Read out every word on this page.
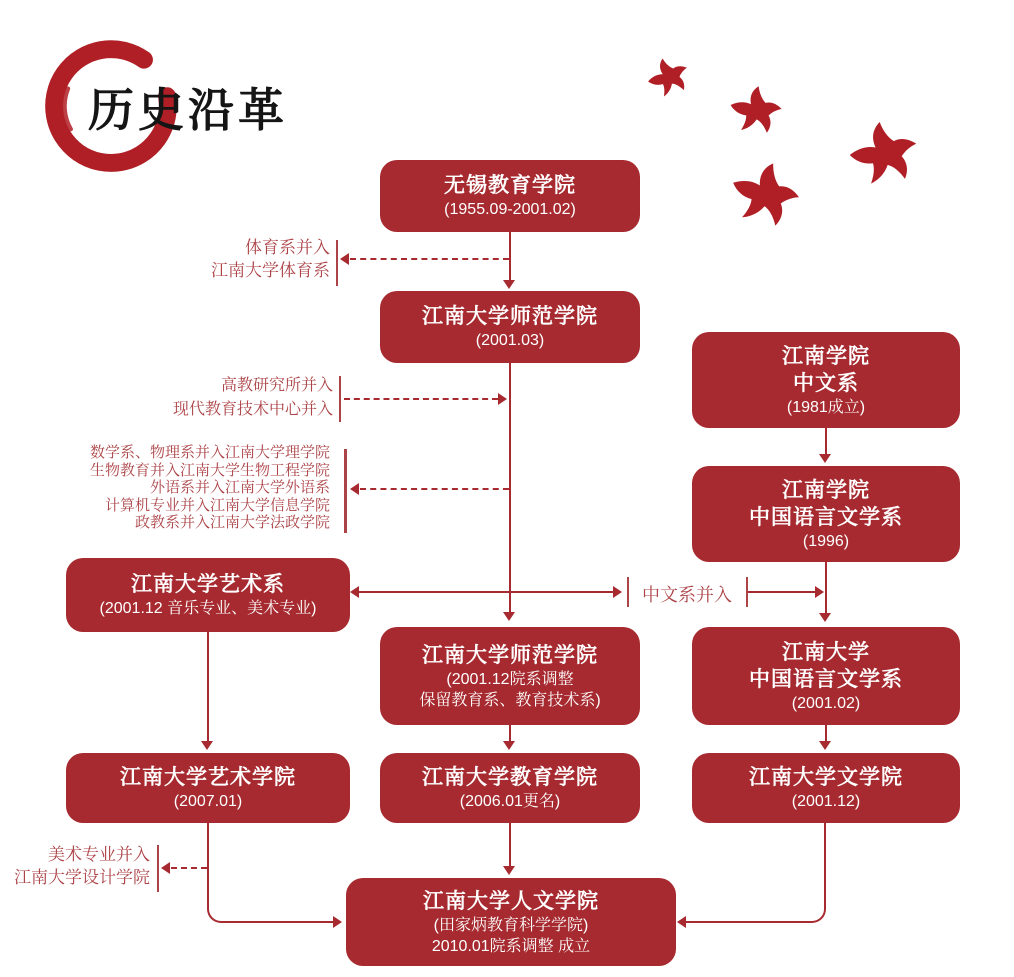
历史沿革
无锡教育学院
(1955.09-2001.02)
江南大学师范学院
(2001.03)
江南学院
中文系
(1981成立)
江南学院
中国语言文学系
(1996)
江南大学艺术系
(2001.12 音乐专业、美术专业)
江南大学师范学院
(2001.12院系调整
保留教育系、教育技术系)
江南大学
中国语言文学系
(2001.02)
江南大学艺术学院
(2007.01)
江南大学教育学院
(2006.01更名)
江南大学文学院
(2001.12)
江南大学人文学院
(田家炳教育科学学院)
2010.01院系调整 成立
中文系并入
体育系并入
江南大学体育系
高教研究所并入
现代教育技术中心并入
数学系、物理系并入江南大学理学院
生物教育并入江南大学生物工程学院
外语系并入江南大学外语系
计算机专业并入江南大学信息学院
政教系并入江南大学法政学院
美术专业并入
江南大学设计学院
